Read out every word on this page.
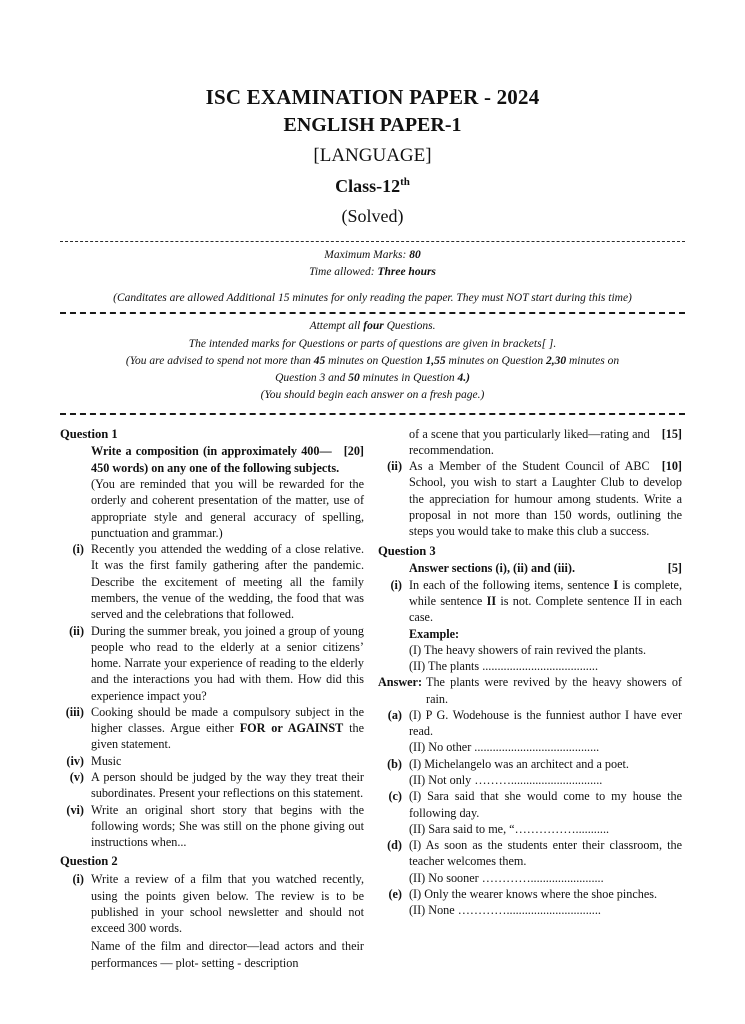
ISC EXAMINATION PAPER - 2024
ENGLISH PAPER-1
[LANGUAGE]
Class-12th
(Solved)
Maximum Marks: 80
Time allowed: Three hours
(Canditates are allowed Additional 15 minutes for only reading the paper. They must NOT start during this time)
Attempt all four Questions.
The intended marks for Questions or parts of questions are given in brackets[ ].
(You are advised to spend not more than 45 minutes on Question 1,55 minutes on Question 2,30 minutes on
Question 3 and 50 minutes in Question 4.)
(You should begin each answer on a fresh page.)
Question 1
[20]
Write a composition (in approximately 400— 450 words) on any one of the following subjects.
(You are reminded that you will be rewarded for the orderly and coherent presentation of the matter, use of appropriate style and general accuracy of spelling, punctuation and grammar.)
(i) Recently you attended the wedding of a close relative. It was the first family gathering after the pandemic. Describe the excitement of meeting all the family members, the venue of the wedding, the food that was served and the celebrations that followed.
(ii) During the summer break, you joined a group of young people who read to the elderly at a senior citizens’ home. Narrate your experience of reading to the elderly and the interactions you had with them. How did this experience impact you?
(iii) Cooking should be made a compulsory subject in the higher classes. Argue either FOR or AGAINST the given statement.
(iv) Music
(v) A person should be judged by the way they treat their subordinates. Present your reflections on this statement.
(vi) Write an original short story that begins with the following words; She was still on the phone giving out instructions when...
Question 2
(i) Write a review of a film that you watched recently, using the points given below. The review is to be published in your school newsletter and should not exceed 300 words.
Name of the film and director—lead actors and their performances — plot- setting - description
[15]
of a scene that you particularly liked—rating and recommendation.
(ii)	[10]
As a Member of the Student Council of ABC School, you wish to start a Laughter Club to develop the appreciation for humour among students. Write a proposal in not more than 150 words, outlining the steps you would take to make this club a success.
Question 3
[5]
Answer sections (i), (ii) and (iii).
(i) In each of the following items, sentence I is complete, while sentence II is not. Complete sentence II in each case.
Example:
(I) The heavy showers of rain revived the plants.
(II) The plants ......................................
Answer: The plants were revived by the heavy showers of rain.
(a) (I) P G. Wodehouse is the funniest author I have ever read.
(II) No other .........................................
(b) (I) Michelangelo was an architect and a poet.
(II) Not only ………..............................
(c) (I) Sara said that she would come to my house the following day.
(II) Sara said to me, “……………...........
(d) (I) As soon as the students enter their classroom, the teacher welcomes them.
(II) No sooner …………........................
(e) (I) Only the wearer knows where the shoe pinches.
(II) None …………...............................
